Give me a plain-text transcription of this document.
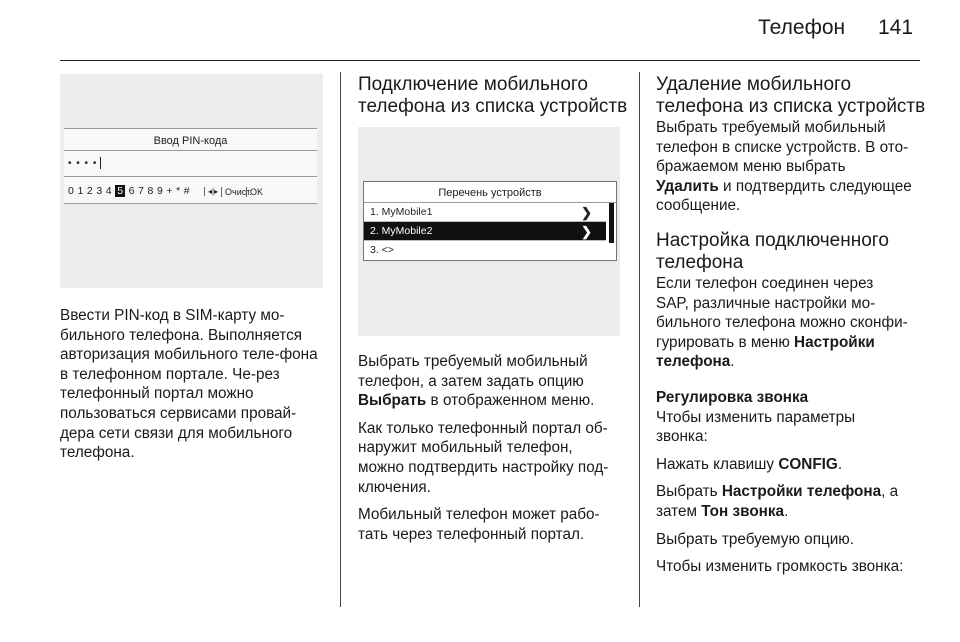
Телефон 141
Ввод PIN-кода
• • • •
0 1 2 3 4 5 6 7 8 9 + * #	◂|▸ Очист.
OK

Ввести PIN-код в SIM-карту мо-бильного телефона. Выполняется авторизация мобильного теле-фона в телефонном портале. Че-рез телефонный портал можно пользоваться сервисами провай-дера сети связи для мобильного телефона.

Подключение мобильного
телефона из списка устройств
Перечень устройств
1. MyMobile1	❯
2. MyMobile2	❯
3. <>

Выбрать требуемый мобильный
телефон, а затем задать опцию
Выбрать в отображенном меню.

Как только телефонный портал об-
наружит мобильный телефон,
можно подтвердить настройку под-
ключения.

Мобильный телефон может рабо-
тать через телефонный портал.

Удаление мобильного
телефона из списка устройств

Выбрать требуемый мобильный
телефон в списке устройств. В ото-
бражаемом меню выбрать
Удалить и подтвердить следующее
сообщение.

Настройка подключенного
телефона

Если телефон соединен через
SAP, различные настройки мо-
бильного телефона можно сконфи-
гурировать в меню Настройки
телефона.

Регулировка звонка

Чтобы изменить параметры
звонка:

Нажать клавишу CONFIG.

Выбрать Настройки телефона, а
затем Тон звонка.

Выбрать требуемую опцию.

Чтобы изменить громкость звонка:
